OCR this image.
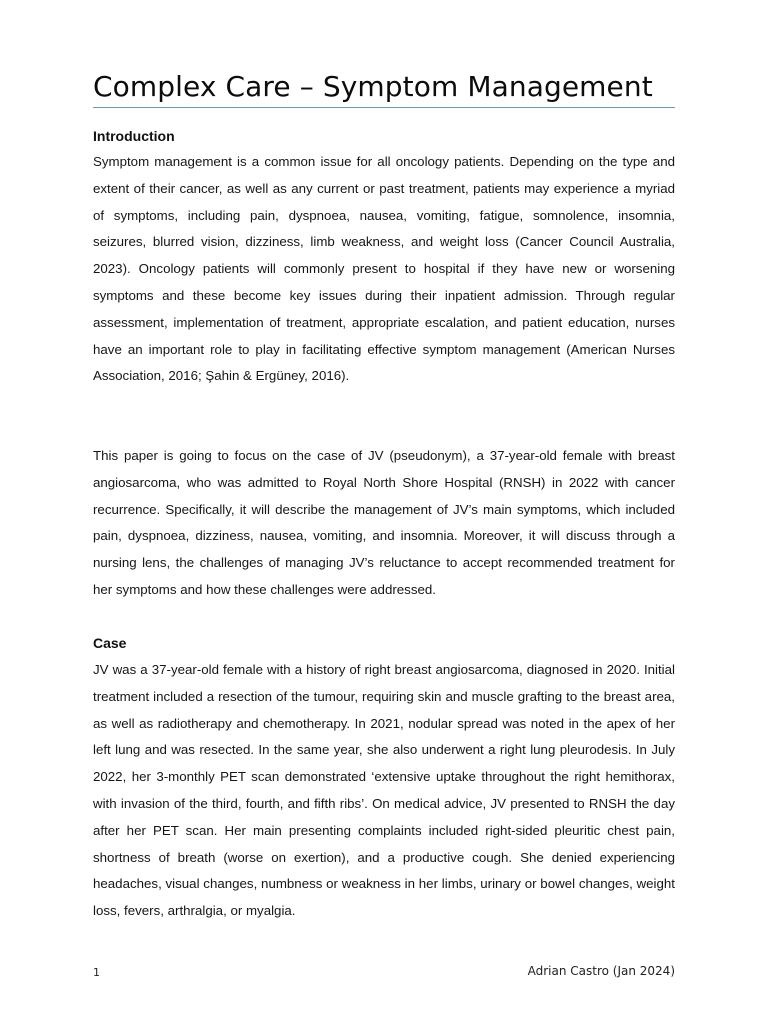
Complex Care – Symptom Management
Introduction

Symptom management is a common issue for all oncology patients. Depending on the type and extent of their cancer, as well as any current or past treatment, patients may experience a myriad of symptoms, including pain, dyspnoea, nausea, vomiting, fatigue, somnolence, insomnia, seizures, blurred vision, dizziness, limb weakness, and weight loss (Cancer Council Australia, 2023). Oncology patients will commonly present to hospital if they have new or worsening symptoms and these become key issues during their inpatient admission. Through regular assessment, implementation of treatment, appropriate escalation, and patient education, nurses have an important role to play in facilitating effective symptom management (American Nurses Association, 2016; Şahin & Ergüney, 2016).

This paper is going to focus on the case of JV (pseudonym), a 37-year-old female with breast angiosarcoma, who was admitted to Royal North Shore Hospital (RNSH) in 2022 with cancer recurrence. Specifically, it will describe the management of JV’s main symptoms, which included pain, dyspnoea, dizziness, nausea, vomiting, and insomnia. Moreover, it will discuss through a nursing lens, the challenges of managing JV’s reluctance to accept recommended treatment for her symptoms and how these challenges were addressed.

Case

JV was a 37-year-old female with a history of right breast angiosarcoma, diagnosed in 2020. Initial treatment included a resection of the tumour, requiring skin and muscle grafting to the breast area, as well as radiotherapy and chemotherapy. In 2021, nodular spread was noted in the apex of her left lung and was resected. In the same year, she also underwent a right lung pleurodesis. In July 2022, her 3-monthly PET scan demonstrated ‘extensive uptake throughout the right hemithorax, with invasion of the third, fourth, and fifth ribs’. On medical advice, JV presented to RNSH the day after her PET scan. Her main presenting complaints included right-sided pleuritic chest pain, shortness of breath (worse on exertion), and a productive cough. She denied experiencing headaches, visual changes, numbness or weakness in her limbs, urinary or bowel changes, weight loss, fevers, arthralgia, or myalgia.

1	Adrian Castro (Jan 2024)
